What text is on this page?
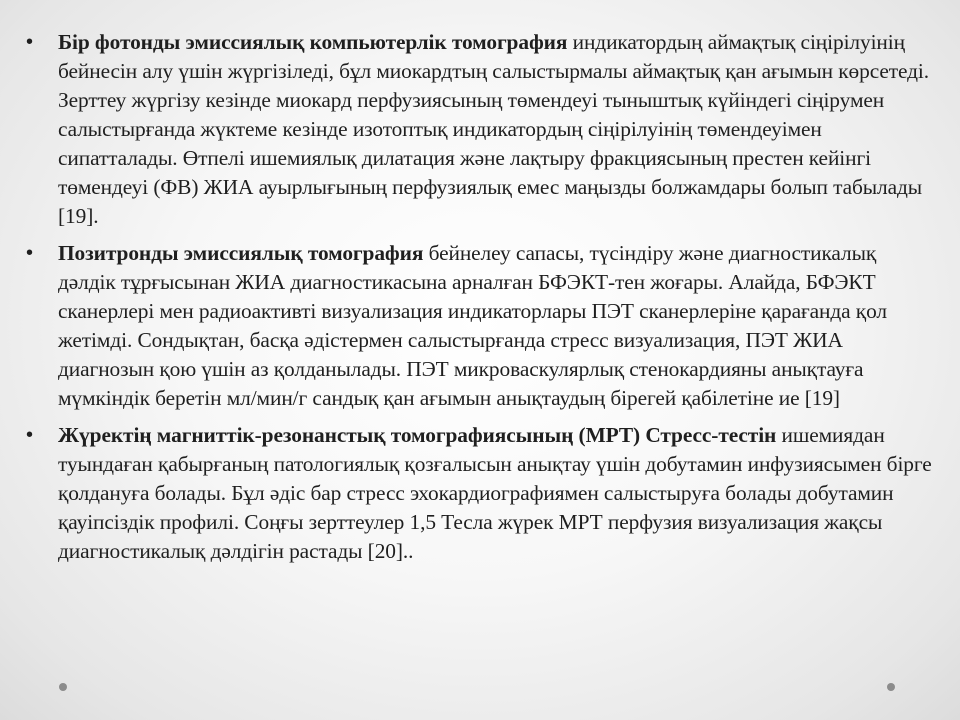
• Бір фотонды эмиссиялық компьютерлік томография индикатордың аймақтық сіңірілуінің бейнесін алу үшін жүргізіледі, бұл миокардтың салыстырмалы аймақтық қан ағымын көрсетеді. Зерттеу жүргізу кезінде миокард перфузиясының төмендеуі тыныштық күйіндегі сіңірумен салыстырғанда жүктеме кезінде изотоптық индикатордың сіңірілуінің төмендеуімен сипатталады. Өтпелі ишемиялық дилатация және лақтыру фракциясының престен кейінгі төмендеуі (ФВ) ЖИА ауырлығының перфузиялық емес маңызды болжамдары болып табылады [19].

• Позитронды эмиссиялық томография бейнелеу сапасы, түсіндіру және диагностикалық дәлдік тұрғысынан ЖИА диагностикасына арналған БФЭКТ-тен жоғары. Алайда, БФЭКТ сканерлері мен радиоактивті визуализация индикаторлары ПЭТ сканерлеріне қарағанда қол жетімді. Сондықтан, басқа әдістермен салыстырғанда стресс визуализация, ПЭТ ЖИА диагнозын қою үшін аз қолданылады. ПЭТ микроваскулярлық стенокардияны анықтауға мүмкіндік беретін мл/мин/г сандық қан ағымын анықтаудың бірегей қабілетіне ие [19]

• Жүректің магниттік-резонанстық томографиясының (МРТ) Стресс-тестін ишемиядан туындаған қабырғаның патологиялық қозғалысын анықтау үшін добутамин инфузиясымен бірге қолдануға болады. Бұл әдіс бар стресс эхокардиографиямен салыстыруға болады добутамин қауіпсіздік профилі. Соңғы зерттеулер 1,5 Тесла жүрек МРТ перфузия визуализация жақсы диагностикалық дәлдігін растады [20]..
